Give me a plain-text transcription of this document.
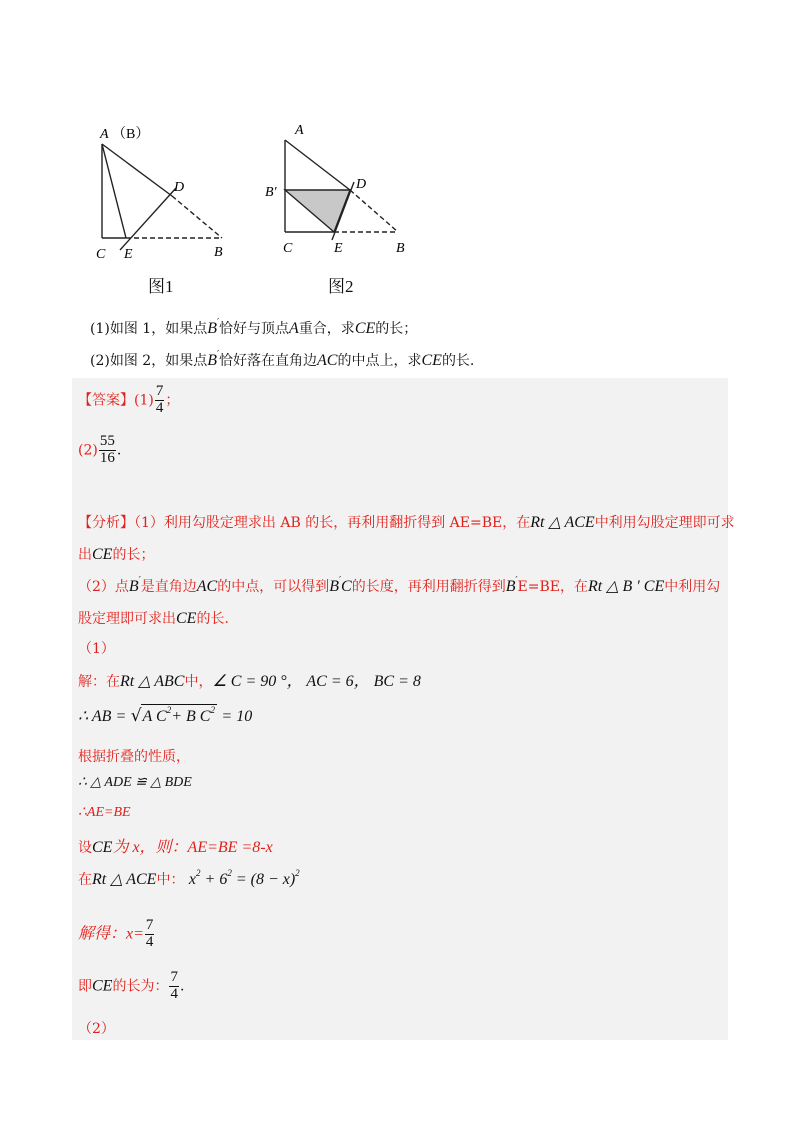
A （B）
D
C E	B
A
B′
D
C	E	B
图1	图2
(1)如图 1，如果点B′恰好与顶点A重合，求CE的长；
(2)如图 2，如果点B′恰好落在直角边AC的中点上，求CE的长.
【答案】$(1) \frac{7}{4}$ ；
$(2) \frac{55}{16}$ .
【分析】（1）利用勾股定理求出 AB 的长，再利用翻折得到 AE=BE，在Rt △ ACE中利用勾股定理即可求
出CE的长；
（2）点B′是直角边AC的中点，可以得到B′C的长度，再利用翻折得到B′E=BE，在Rt △ B ′ CE中利用勾
股定理即可求出CE的长.
（1）
解：在Rt △ ABC中，∠ C = 90 °， AC = 6， BC = 8
∴ AB = √A $C^2+ B$ $C^2 = 10$
根据折叠的性质，
∴ △ ADE ≌ △ BDE
∴AE=BE
设CE为 x，则：AE=BE =8-x
在Rt △ ACE中： $x^2 + 6^2 = (8 - x)^2$
解得：$x= \frac{7}{4}$
即CE的长为： $\frac{7}{4}$ .
（2）
